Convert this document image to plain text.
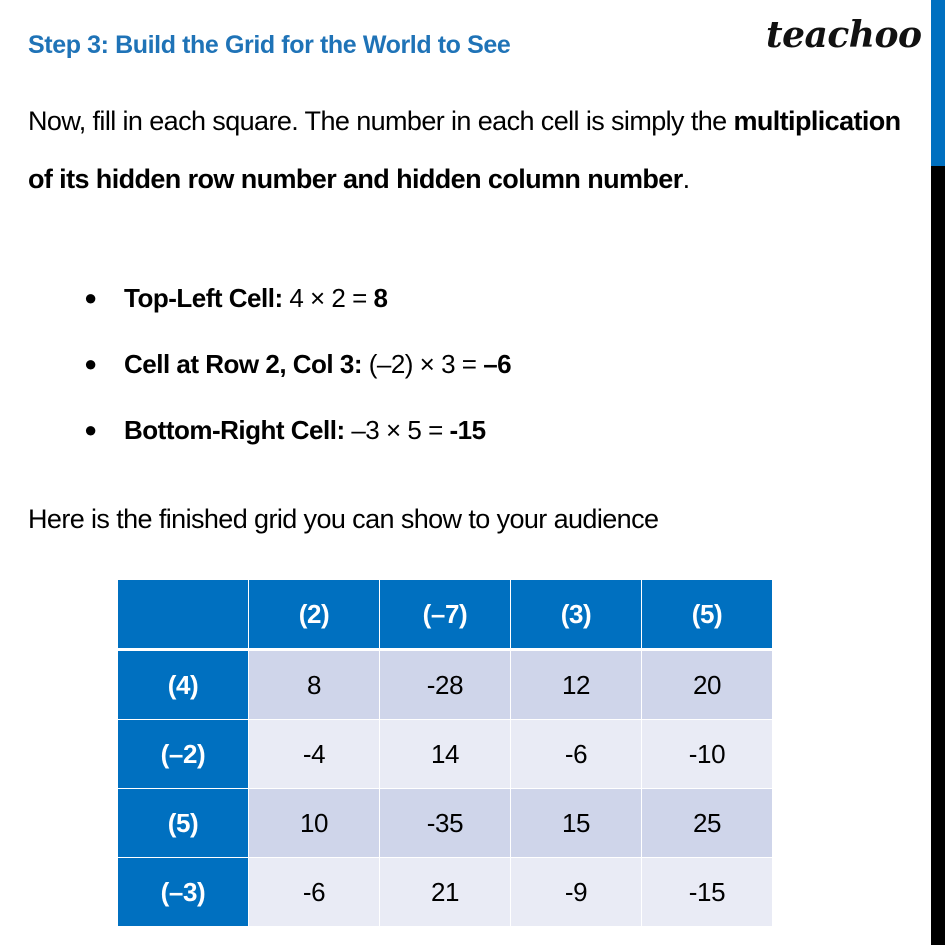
Step 3: Build the Grid for the World to See	teachoo
Now, fill in each square. The number in each cell is simply the multiplication of its hidden row number and hidden column number.
● Top-Left Cell: 4 × 2 = 8
● Cell at Row 2, Col 3: (–2) × 3 = –6
● Bottom-Right Cell: –3 × 5 = -15
Here is the finished grid you can show to your audience
	(2)	(–7)	(3)	(5)
(4)	8	-28	12	20
(–2)	-4	14	-6	-10
(5)	10	-35	15	25
(–3)	-6	21	-9	-15
